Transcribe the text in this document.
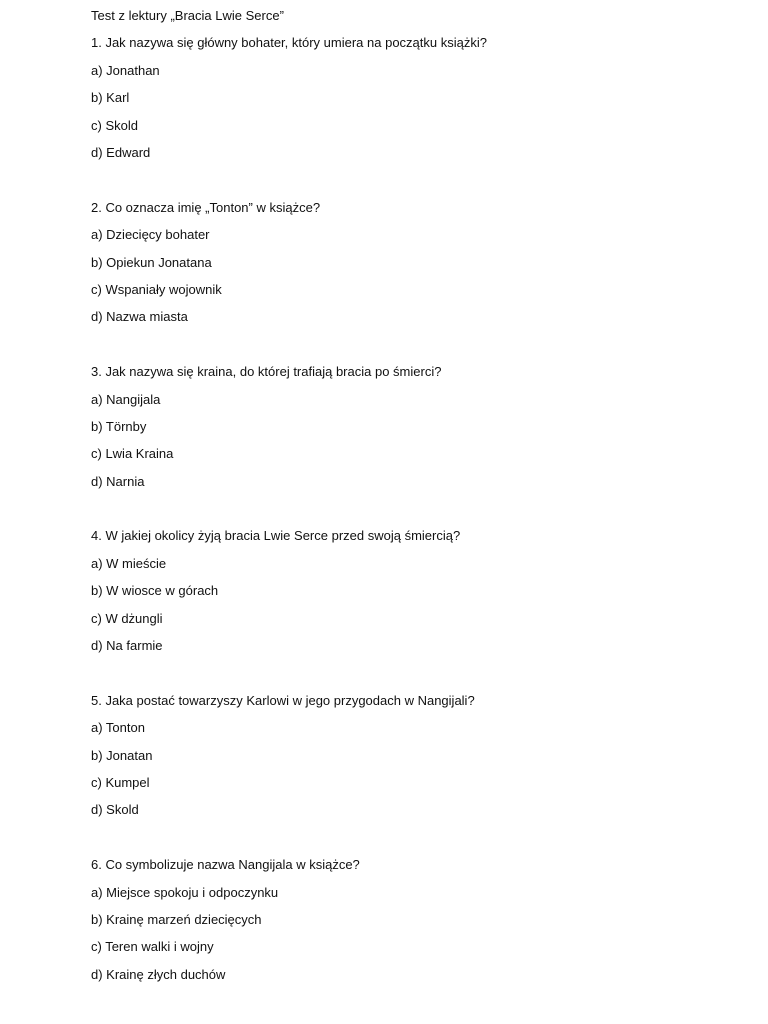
Test z lektury „Bracia Lwie Serce”

1. Jak nazywa się główny bohater, który umiera na początku książki?

a) Jonathan

b) Karl

c) Skold

d) Edward

2. Co oznacza imię „Tonton” w książce?

a) Dziecięcy bohater

b) Opiekun Jonatana

c) Wspaniały wojownik

d) Nazwa miasta

3. Jak nazywa się kraina, do której trafiają bracia po śmierci?

a) Nangijala

b) Törnby

c) Lwia Kraina

d) Narnia

4. W jakiej okolicy żyją bracia Lwie Serce przed swoją śmiercią?

a) W mieście

b) W wiosce w górach

c) W dżungli

d) Na farmie

5. Jaka postać towarzyszy Karlowi w jego przygodach w Nangijali?

a) Tonton

b) Jonatan

c) Kumpel

d) Skold

6. Co symbolizuje nazwa Nangijala w książce?

a) Miejsce spokoju i odpoczynku

b) Krainę marzeń dziecięcych

c) Teren walki i wojny

d) Krainę złych duchów
